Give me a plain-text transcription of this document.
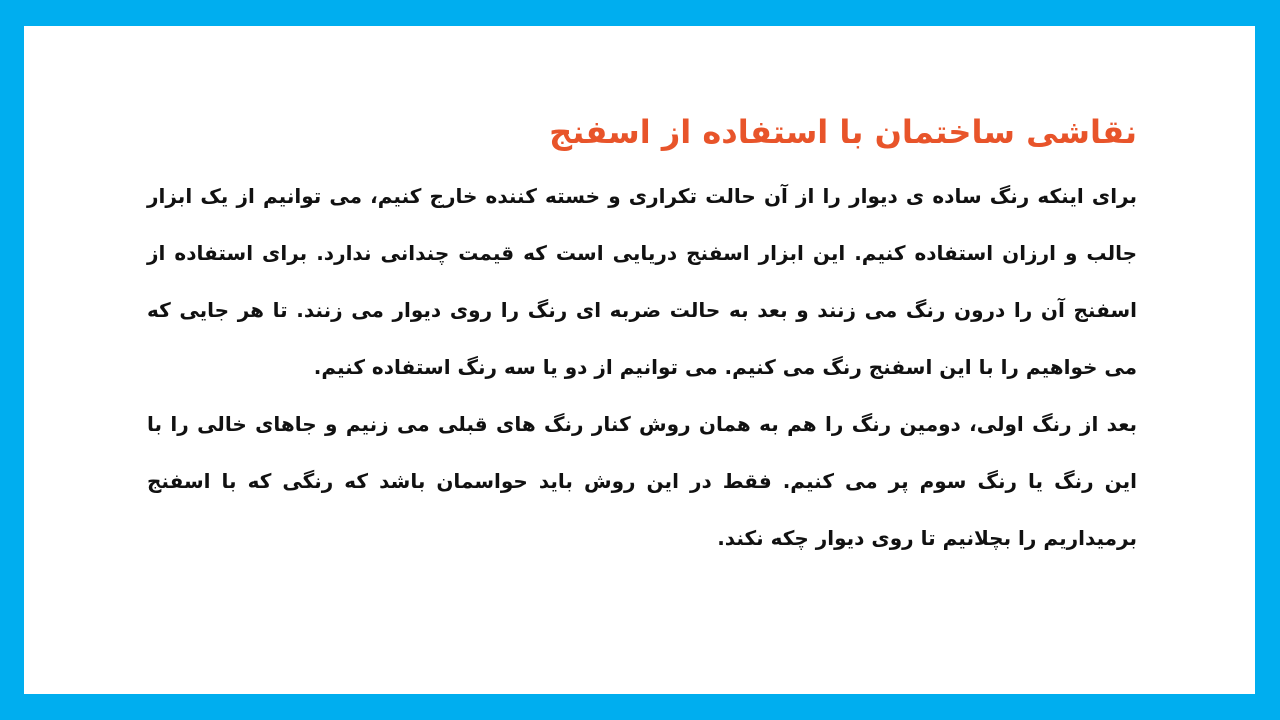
نقاشی ساختمان با استفاده از اسفنج

برای اینکه رنگ ساده ی دیوار را از آن حالت تکراری و خسته کننده خارج کنیم، می توانیم از یک ابزار جالب و ارزان استفاده کنیم. این ابزار اسفنج دریایی است که قیمت چندانی ندارد. برای استفاده از اسفنج آن را درون رنگ می زنند و بعد به حالت ضربه ای رنگ را روی دیوار می زنند. تا هر جایی که می خواهیم را با این اسفنج رنگ می کنیم. می توانیم از دو یا سه رنگ استفاده کنیم.

بعد از رنگ اولی، دومین رنگ را هم به همان روش کنار رنگ های قبلی می زنیم و جاهای خالی را با این رنگ یا رنگ سوم پر می کنیم. فقط در این روش باید حواسمان باشد که رنگی که با اسفنج برمیداریم را بچلانیم تا روی دیوار چکه نکند.
